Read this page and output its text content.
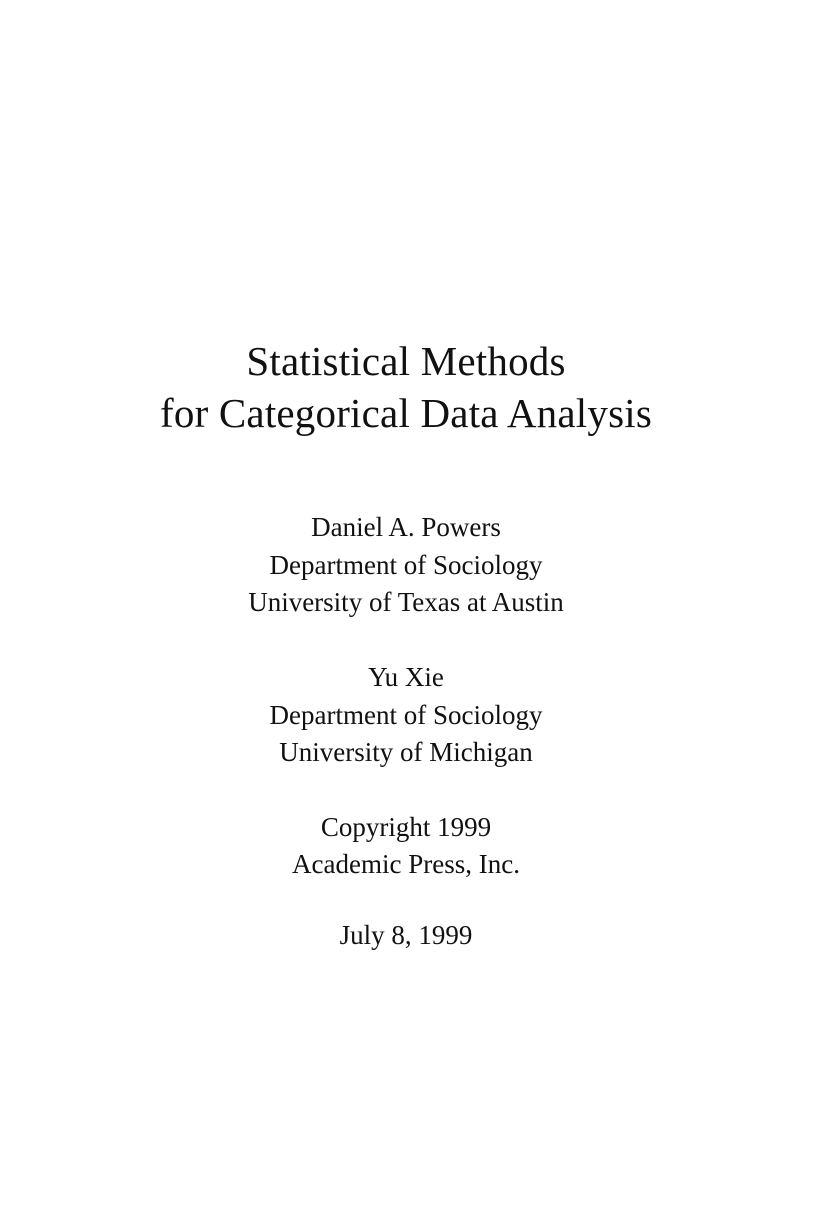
Statistical Methods
for Categorical Data Analysis
Daniel A. Powers
Department of Sociology
University of Texas at Austin
Yu Xie
Department of Sociology
University of Michigan
Copyright 1999
Academic Press, Inc.
July 8, 1999
